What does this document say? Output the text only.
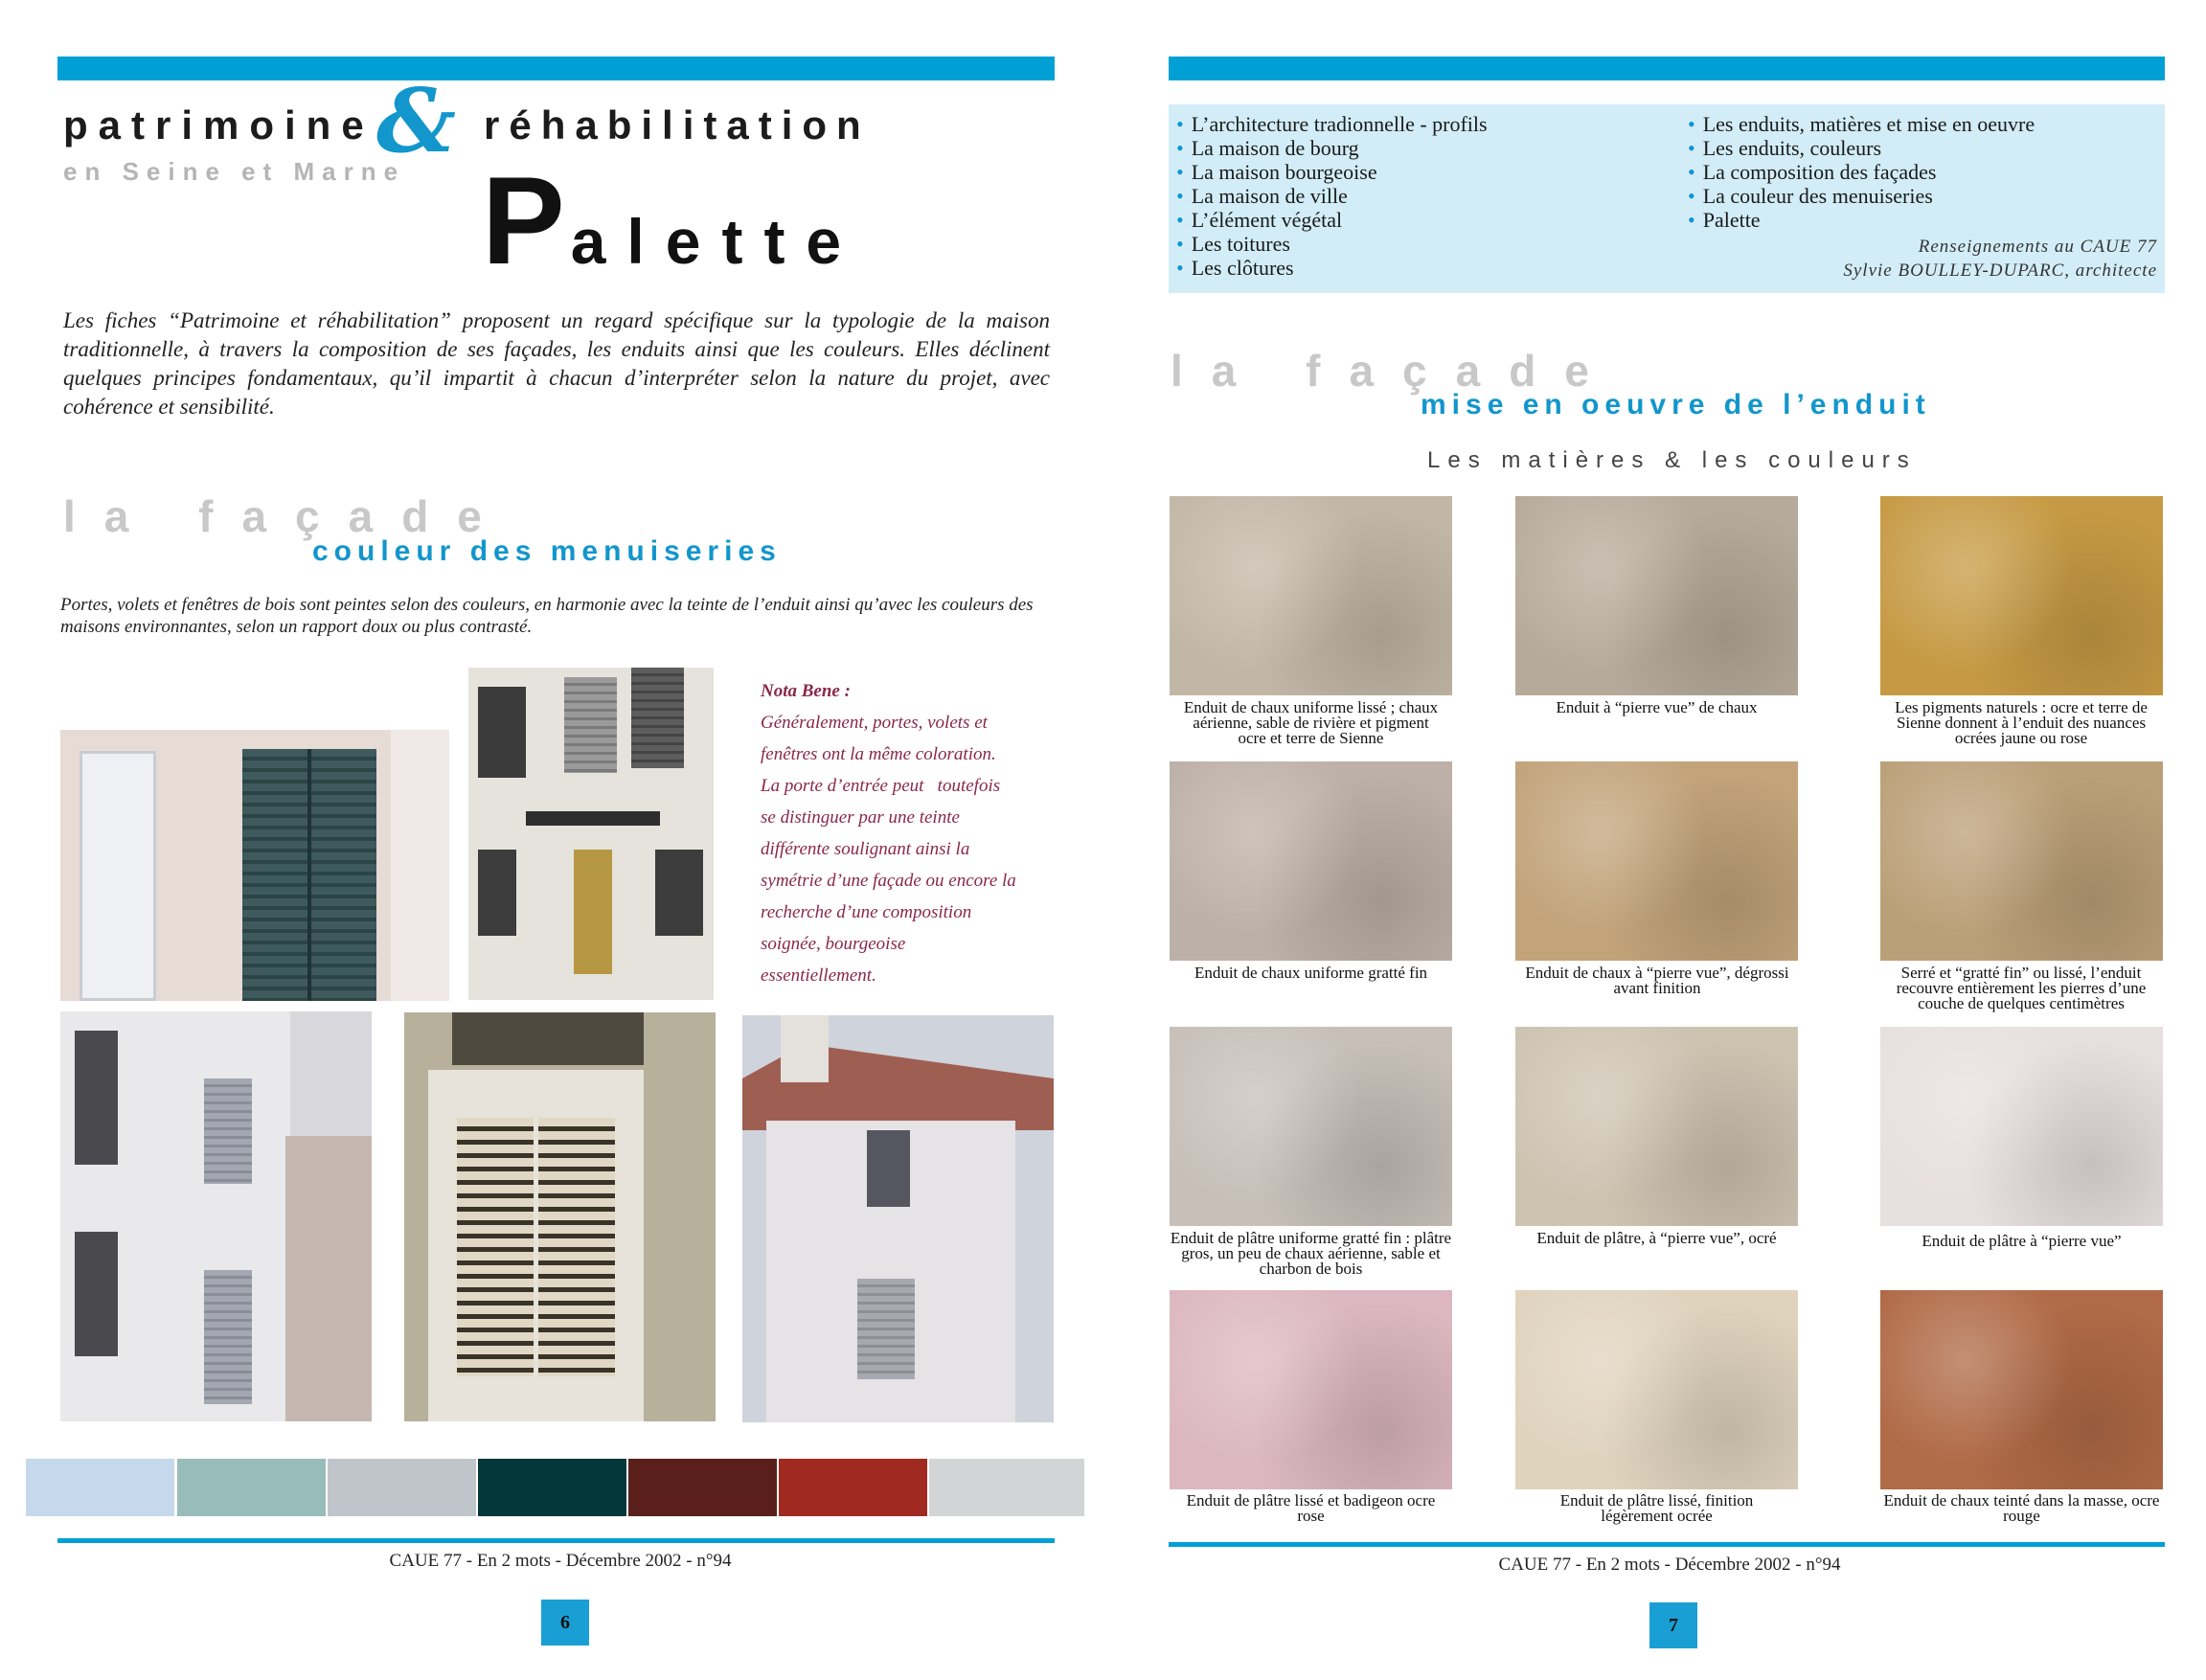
patrimoine & réhabilitation
en Seine et Marne Palette

Les fiches “Patrimoine et réhabilitation” proposent un regard spécifique sur la typologie de la maison traditionnelle, à travers la composition de ses façades, les enduits ainsi que les couleurs. Elles déclinent quelques principes fondamentaux, qu’il impartit à chacun d’interpréter selon la nature du projet, avec cohérence et sensibilité.

la façade
couleur des menuiseries

Portes, volets et fenêtres de bois sont peintes selon des couleurs, en harmonie avec la teinte de l’enduit ainsi qu’avec les couleurs des maisons environnantes, selon un rapport doux ou plus contrasté.

Nota Bene :
Généralement, portes, volets et
fenêtres ont la même coloration.
La porte d’entrée peut   toutefois
se distinguer par une teinte
différente soulignant ainsi la
symétrie d’une façade ou encore la
recherche d’une composition
soignée, bourgeoise
essentiellement.
CAUE 77 - En 2 mots - Décembre 2002 - n°94
6
• L’architecture tradionnelle - profils
• La maison de bourg
• La maison bourgeoise
• La maison de ville
• L’élément végétal
• Les toitures
• Les clôtures
• Les enduits, matières et mise en oeuvre
• Les enduits, couleurs
• La composition des façades
• La couleur des menuiseries
• Palette
Renseignements au CAUE 77
Sylvie BOULLEY-DUPARC, architecte
la façade
mise en oeuvre de l’enduit
Les matières & les couleurs
Enduit de chaux uniforme lissé ; chaux aérienne, sable de rivière et pigment ocre et terre de Sienne
Enduit à “pierre vue” de chaux	Les pigments naturels : ocre et terre de Sienne donnent à l’enduit des nuances ocrées jaune ou rose
Enduit de chaux uniforme gratté fin	Enduit de chaux à “pierre vue”, dégrossi avant finition
Serré et “gratté fin” ou lissé, l’enduit recouvre entièrement les pierres d’une couche de quelques centimètres
Enduit de plâtre uniforme gratté fin : plâtre gros, un peu de chaux aérienne, sable et charbon de bois
Enduit de plâtre, à “pierre vue”, ocré	Enduit de plâtre à “pierre vue”
Enduit de plâtre lissé et badigeon ocre rose
Enduit de plâtre lissé, finition légèrement ocrée
Enduit de chaux teinté dans la masse, ocre rouge
CAUE 77 - En 2 mots - Décembre 2002 - n°94
7
